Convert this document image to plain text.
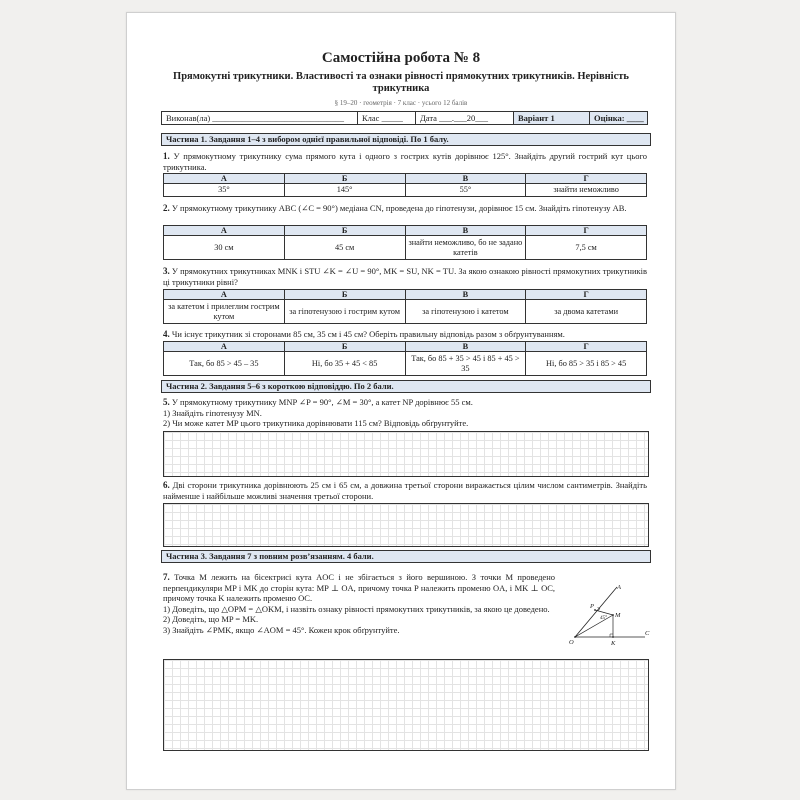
Самостійна робота № 8
Прямокутні трикутники. Властивості та ознаки рівності прямокутних трикутників. Нерівність трикутника
§ 19–20 · геометрія · 7 клас · усього 12 балів
Виконав(ла) _______________________________	Клас _____	Дата ___.___20___	Варіант 1	Оцінка: ____
Частина 1. Завдання 1–4 з вибором однієї правильної відповіді. По 1 балу.
1. У прямокутному трикутнику сума прямого кута і одного з гострих кутів дорівнює 125°. Знайдіть другий гострий кут цього трикутника.
А	Б	В	Г
35°	145°	55°	знайти неможливо
2. У прямокутному трикутнику ABC (∠C = 90°) медіана CN, проведена до гіпотенузи, дорівнює 15 см. Знайдіть гіпотенузу AB.
А	Б	В	Г
30 см	45 см	знайти неможливо, бо не задано катетів	7,5 см
3. У прямокутних трикутниках MNK і STU ∠K = ∠U = 90°, MK = SU, NK = TU. За якою ознакою рівності прямокутних трикутників ці трикутники рівні?
А	Б	В	Г
за катетом і прилеглим гострим кутом	за гіпотенузою і гострим кутом	за гіпотенузою і катетом	за двома катетами
4. Чи існує трикутник зі сторонами 85 см, 35 см і 45 см? Оберіть правильну відповідь разом з обґрунтуванням.
А	Б	В	Г
Так, бо 85 > 45 – 35	Ні, бо 35 + 45 < 85	Так, бо 85 + 35 > 45 і 85 + 45 > 35	Ні, бо 85 > 35 і 85 > 45
Частина 2. Завдання 5–6 з короткою відповіддю. По 2 бали.
5. У прямокутному трикутнику MNP ∠P = 90°, ∠M = 30°, а катет NP дорівнює 55 см.
1) Знайдіть гіпотенузу MN.
2) Чи може катет MP цього трикутника дорівнювати 115 см? Відповідь обґрунтуйте.
6. Дві сторони трикутника дорівнюють 25 см і 65 см, а довжина третьої сторони виражається цілим числом сантиметрів. Знайдіть найменше і найбільше можливі значення третьої сторони.
Частина 3. Завдання 7 з повним розв’язанням. 4 бали.
7. Точка M лежить на бісектрисі кута AOC і не збігається з його вершиною. З точки M проведено перпендикуляри MP і MK до сторін кута: MP ⊥ OA, причому точка P належить променю OA, і MK ⊥ OC, причому точка K належить променю OC.
1) Доведіть, що △OPM = △OKM, і назвіть ознаку рівності прямокутних трикутників, за якою це доведено.
2) Доведіть, що MP = MK.
3) Знайдіть ∠PMK, якщо ∠AOM = 45°. Кожен крок обґрунтуйте.
A
P
M
O	K
C
45°
